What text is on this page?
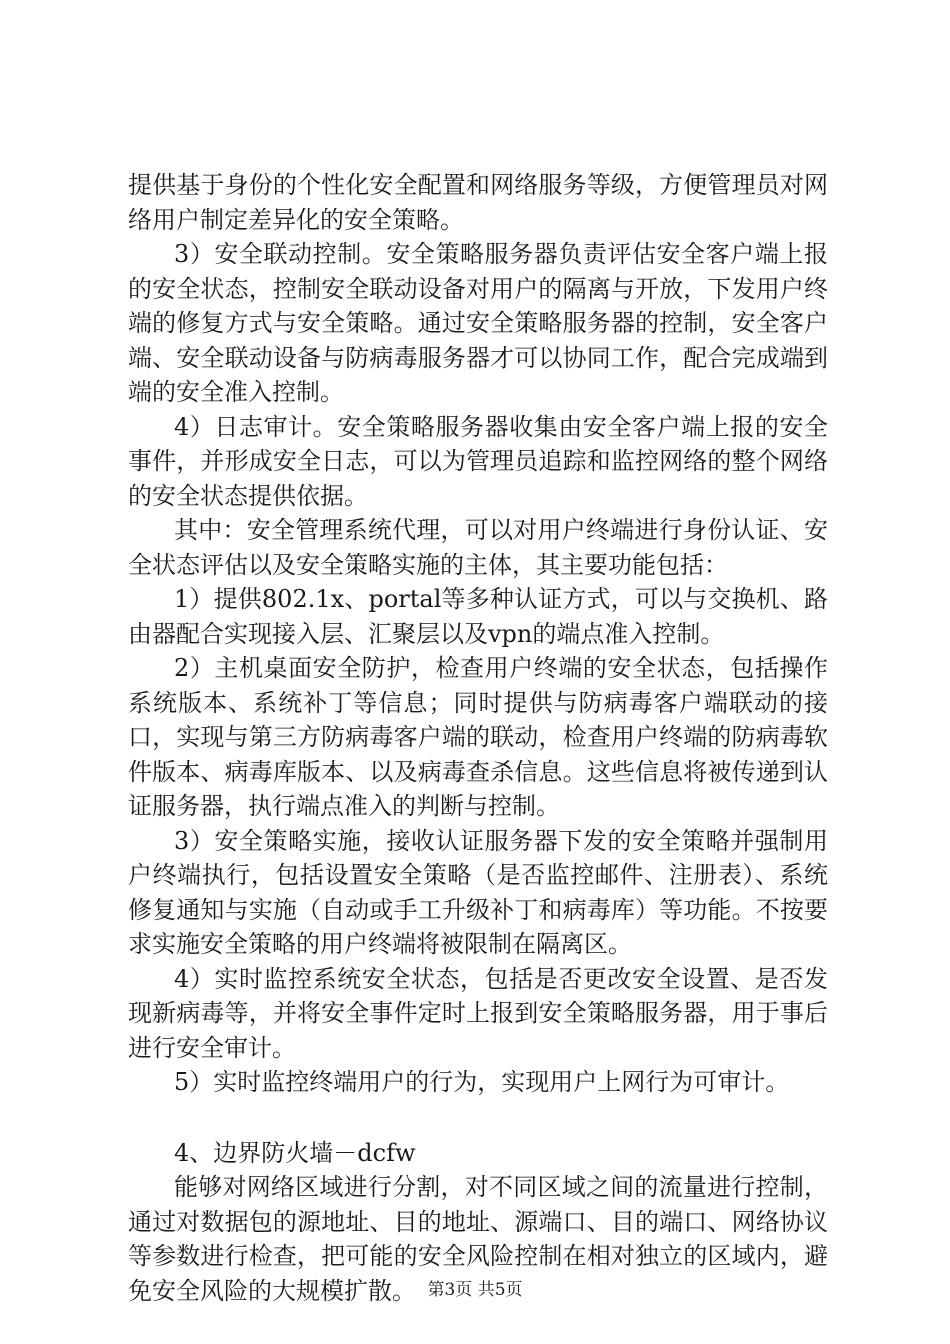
提供基于身份的个性化安全配置和网络服务等级，方便管理员对网络用户制定差异化的安全策略。

3）安全联动控制。安全策略服务器负责评估安全客户端上报的安全状态，控制安全联动设备对用户的隔离与开放，下发用户终端的修复方式与安全策略。通过安全策略服务器的控制，安全客户端、安全联动设备与防病毒服务器才可以协同工作，配合完成端到端的安全准入控制。

4）日志审计。安全策略服务器收集由安全客户端上报的安全事件，并形成安全日志，可以为管理员追踪和监控网络的整个网络的安全状态提供依据。

其中：安全管理系统代理，可以对用户终端进行身份认证、安全状态评估以及安全策略实施的主体，其主要功能包括：

1）提供802.1x、portal等多种认证方式，可以与交换机、路由器配合实现接入层、汇聚层以及vpn的端点准入控制。

2）主机桌面安全防护，检查用户终端的安全状态，包括操作系统版本、系统补丁等信息；同时提供与防病毒客户端联动的接口，实现与第三方防病毒客户端的联动，检查用户终端的防病毒软件版本、病毒库版本、以及病毒查杀信息。这些信息将被传递到认证服务器，执行端点准入的判断与控制。

3）安全策略实施，接收认证服务器下发的安全策略并强制用户终端执行，包括设置安全策略（是否监控邮件、注册表）、系统修复通知与实施（自动或手工升级补丁和病毒库）等功能。不按要求实施安全策略的用户终端将被限制在隔离区。

4）实时监控系统安全状态，包括是否更改安全设置、是否发现新病毒等，并将安全事件定时上报到安全策略服务器，用于事后进行安全审计。

5）实时监控终端用户的行为，实现用户上网行为可审计。

4、边界防火墙－dcfw

能够对网络区域进行分割，对不同区域之间的流量进行控制，通过对数据包的源地址、目的地址、源端口、目的端口、网络协议等参数进行检查，把可能的安全风险控制在相对独立的区域内，避免安全风险的大规模扩散。 第3页 共5页
